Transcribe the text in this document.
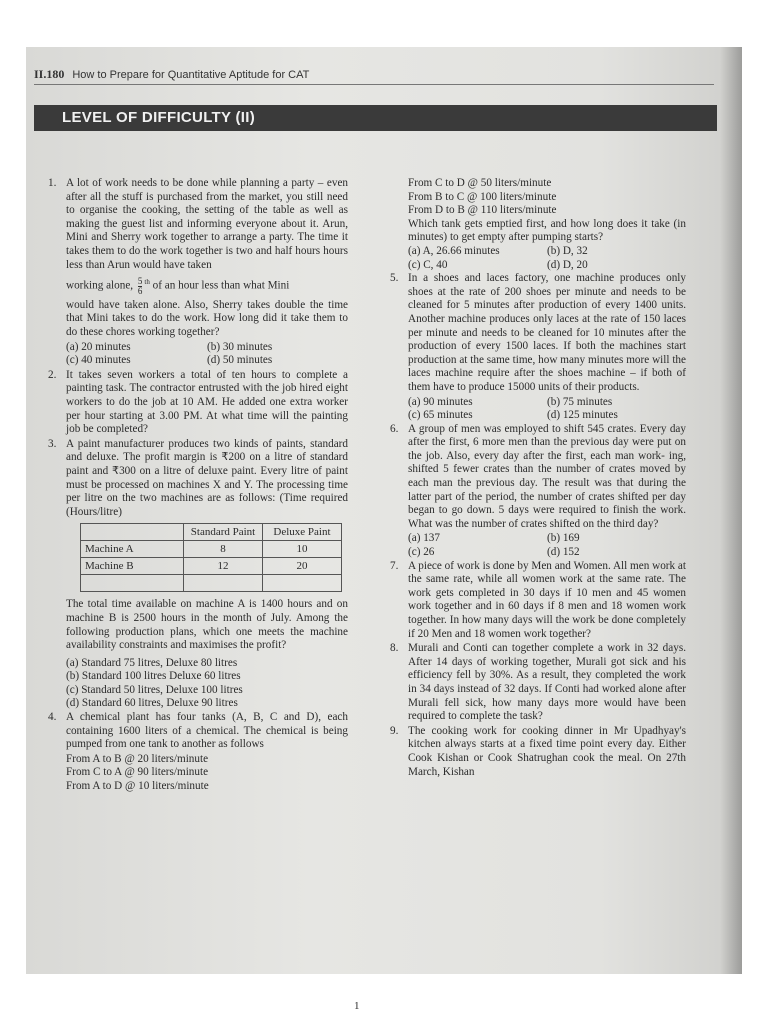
II.180 How to Prepare for Quantitative Aptitude for CAT
LEVEL OF DIFFICULTY (II)
1. A lot of work needs to be done while planning a party – even after all the stuff is purchased from the market, you still need to organise the cooking, the setting of the table as well as making the guest list and informing everyone about it. Arun, Mini and Sherry work together to arrange a party. The time it takes them to do the work together is two and half hours hours less than Arun would have taken

working alone, $\frac{5}{6} ^{th}$ of an hour less than what Mini

would have taken alone. Also, Sherry takes double the time that Mini takes to do the work. How long did it take them to do these chores working together?

(a) 20 minutes	(b) 30 minutes
(c) 40 minutes	(d) 50 minutes
2. It takes seven workers a total of ten hours to complete a painting task. The contractor entrusted with the job hired eight workers to do the job at 10 AM. He added one extra worker per hour starting at 3.00 PM. At what time will the painting job be completed?

3. A paint manufacturer produces two kinds of paints, standard and deluxe. The profit margin is ₹200 on a litre of standard paint and ₹300 on a litre of deluxe paint. Every litre of paint must be processed on machines X and Y. The processing time per litre on the two machines are as follows: (Time required (Hours/litre)

	Standard Paint	Deluxe Paint
Machine A	8	10
Machine B	12	20

The total time available on machine A is 1400 hours and on machine B is 2500 hours in the month of July. Among the following production plans, which one meets the machine availability constraints and maximises the profit?

(a) Standard 75 litres, Deluxe 80 litres
(b) Standard 100 litres Deluxe 60 litres
(c) Standard 50 litres, Deluxe 100 litres
(d) Standard 60 litres, Deluxe 90 litres
4. A chemical plant has four tanks (A, B, C and D), each containing 1600 liters of a chemical. The chemical is being pumped from one tank to another as follows

From A to B @ 20 liters/minute
From C to A @ 90 liters/minute
From A to D @ 10 liters/minute
From C to D @ 50 liters/minute
From B to C @ 100 liters/minute
From D to B @ 110 liters/minute

Which tank gets emptied first, and how long does it take (in minutes) to get empty after pumping starts?

(a) A, 26.66 minutes	(b) D, 32
(c) C, 40	(d) D, 20
5. In a shoes and laces factory, one machine produces only shoes at the rate of 200 shoes per minute and needs to be cleaned for 5 minutes after production of every 1400 units. Another machine produces only laces at the rate of 150 laces per minute and needs to be cleaned for 10 minutes after the production of every 1500 laces. If both the machines start production at the same time, how many minutes more will the laces machine require after the shoes machine – if both of them have to produce 15000 units of their products.

(a) 90 minutes	(b) 75 minutes
(c) 65 minutes	(d) 125 minutes
6. A group of men was employed to shift 545 crates. Every day after the first, 6 more men than the previous day were put on the job. Also, every day after the first, each man work- ing, shifted 5 fewer crates than the number of crates moved by each man the previous day. The result was that during the latter part of the period, the number of crates shifted per day began to go down. 5 days were required to finish the work. What was the number of crates shifted on the third day?

(a) 137	(b) 169
(c) 26	(d) 152
7. A piece of work is done by Men and Women. All men work at the same rate, while all women work at the same rate. The work gets completed in 30 days if 10 men and 45 women work together and in 60 days if 8 men and 18 women work together. In how many days will the work be done completely if 20 Men and 18 women work together?

8. Murali and Conti can together complete a work in 32 days. After 14 days of working together, Murali got sick and his efficiency fell by 30%. As a result, they completed the work in 34 days instead of 32 days. If Conti had worked alone after Murali fell sick, how many days more would have been required to complete the task?

9. The cooking work for cooking dinner in Mr Upadhyay's kitchen always starts at a fixed time point every day. Either Cook Kishan or Cook Shatrughan cook the meal. On 27th March, Kishan

1
